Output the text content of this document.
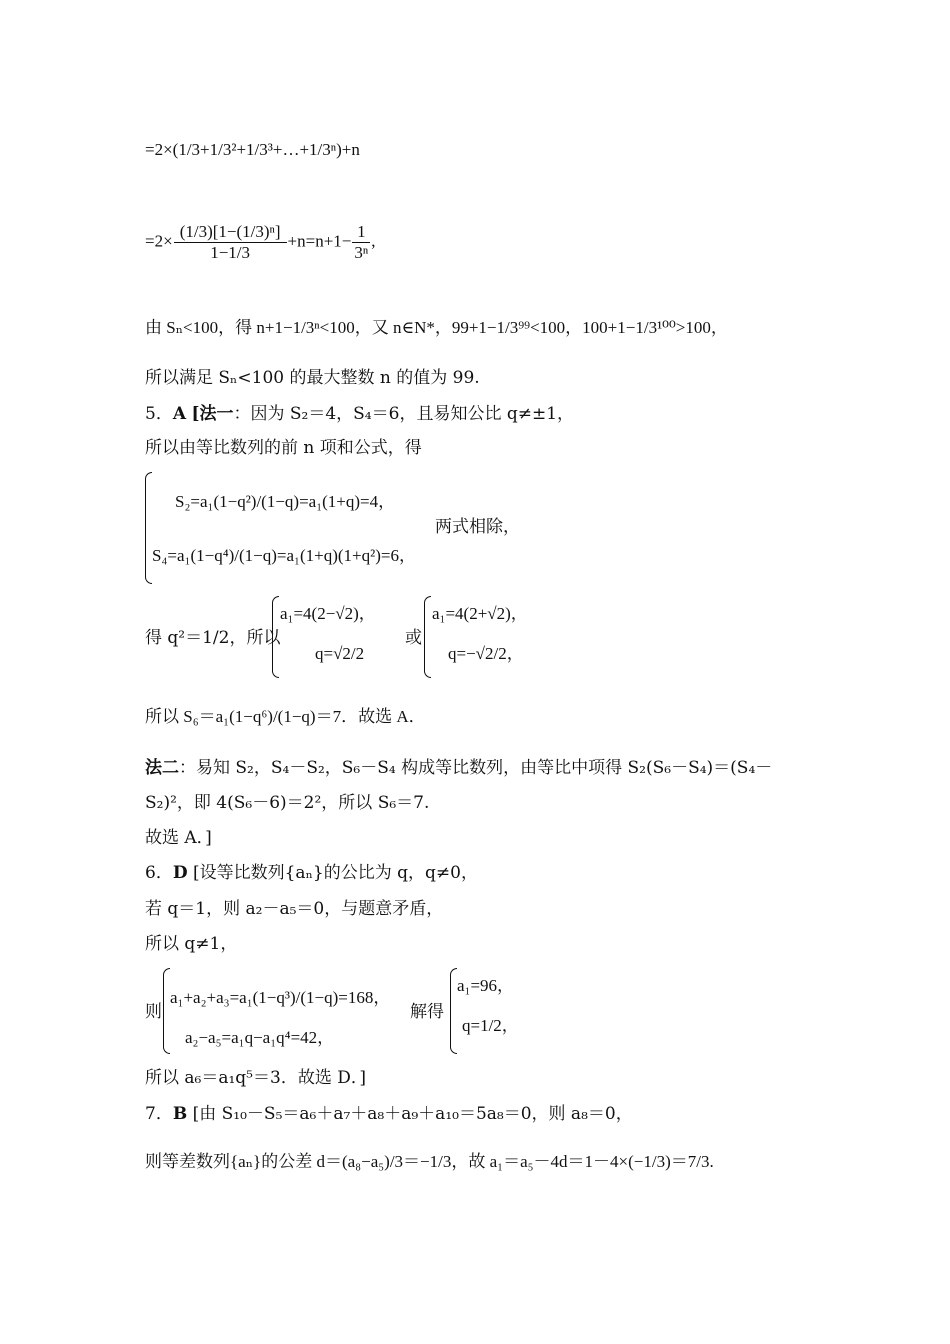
=2×(1/3+1/3²+1/3³+…+1/3ⁿ)+n
$=2\times \frac{\text{(1/3)[1−(1/3)ⁿ]}}{1-1/3} +n=n+1- \frac{1}{\text{3ⁿ}}$ ,
由 Sₙ<100，得 n+1−1/3ⁿ<100，又 n∈N*，99+1−1/3⁹⁹<100，100+1−1/3¹⁰⁰>100，
所以满足 Sₙ<100 的最大整数 n 的值为 99.
5．A [法一：因为 S₂＝4，S₄＝6，且易知公比 q≠±1，
所以由等比数列的前 n 项和公式，得
S₂=a₁(1−q²)/(1−q)=a₁(1+q)=4，
S₄=a₁(1−q⁴)/(1−q)=a₁(1+q)(1+q²)=6，
两式相除，
得 q²＝1/2，所以
a₁=4(2−√2)，
q=√2/2
或
a₁=4(2+√2)，
q=−√2/2，
所以 S₆＝a₁(1−q⁶)/(1−q)＝7．故选 A．
法二：易知 S₂，S₄－S₂，S₆－S₄ 构成等比数列，由等比中项得 S₂(S₆－S₄)＝(S₄－
S₂)²，即 4(S₆－6)＝2²，所以 S₆＝7.
故选 A．]
6．D [设等比数列{aₙ}的公比为 q，q≠0，
若 q＝1，则 a₂－a₅＝0，与题意矛盾，
所以 q≠1，
则
a₁+a₂+a₃=a₁(1−q³)/(1−q)=168，
a₂−a₅=a₁q−a₁q⁴=42，
解得
a₁=96，
q=1/2，
所以 a₆＝a₁q⁵＝3．故选 D．]
7．B [由 S₁₀－S₅＝a₆＋a₇＋a₈＋a₉＋a₁₀＝5a₈＝0，则 a₈＝0，
则等差数列{aₙ}的公差 d＝(a₈−a₅)/3＝−1/3，故 a₁＝a₅－4d＝1－4×(−1/3)＝7/3.
